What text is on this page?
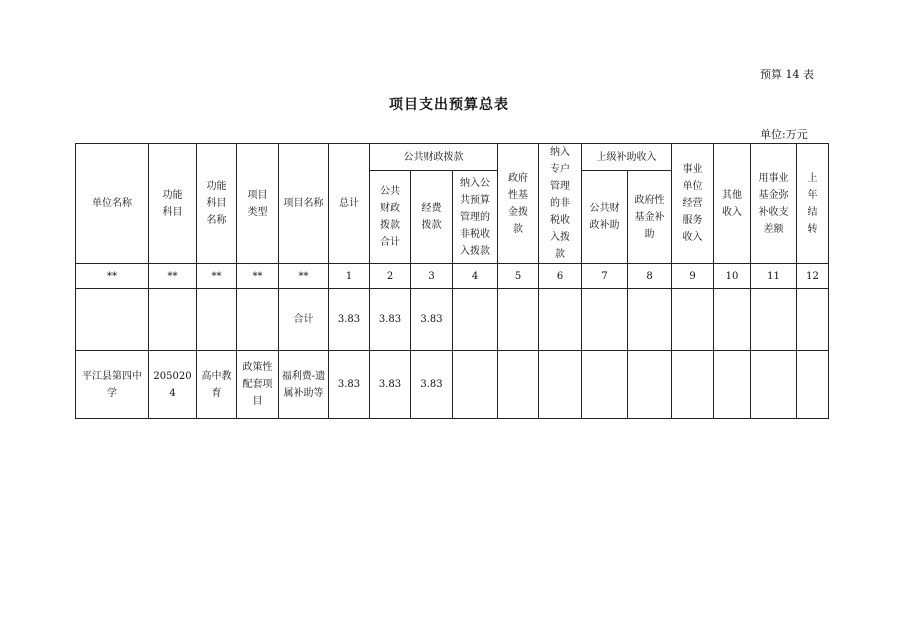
预算 14 表
项目支出预算总表
单位:万元
单位名称	功能科目	功能科目名称	项目类型	项目名称	总计	公共财政拨款			政府性基金拨款	纳入专户管理的非税收入拨款	上级补助收入		事业单位经营服务收入	其他收入	用事业基金弥补收支差额	上年结转
						公共财政拨款合计	经费拨款	纳入公共预算管理的非税收入拨款			公共财政补助	政府性基金补助				
**	**	**	**	**	1	2	3	4	5	6	7	8	9	10	11	12
				合计	3.83	3.83	3.83									
平江县第四中学	2050204	高中教育	政策性配套项目	福利费-遗属补助等	3.83	3.83	3.83									
